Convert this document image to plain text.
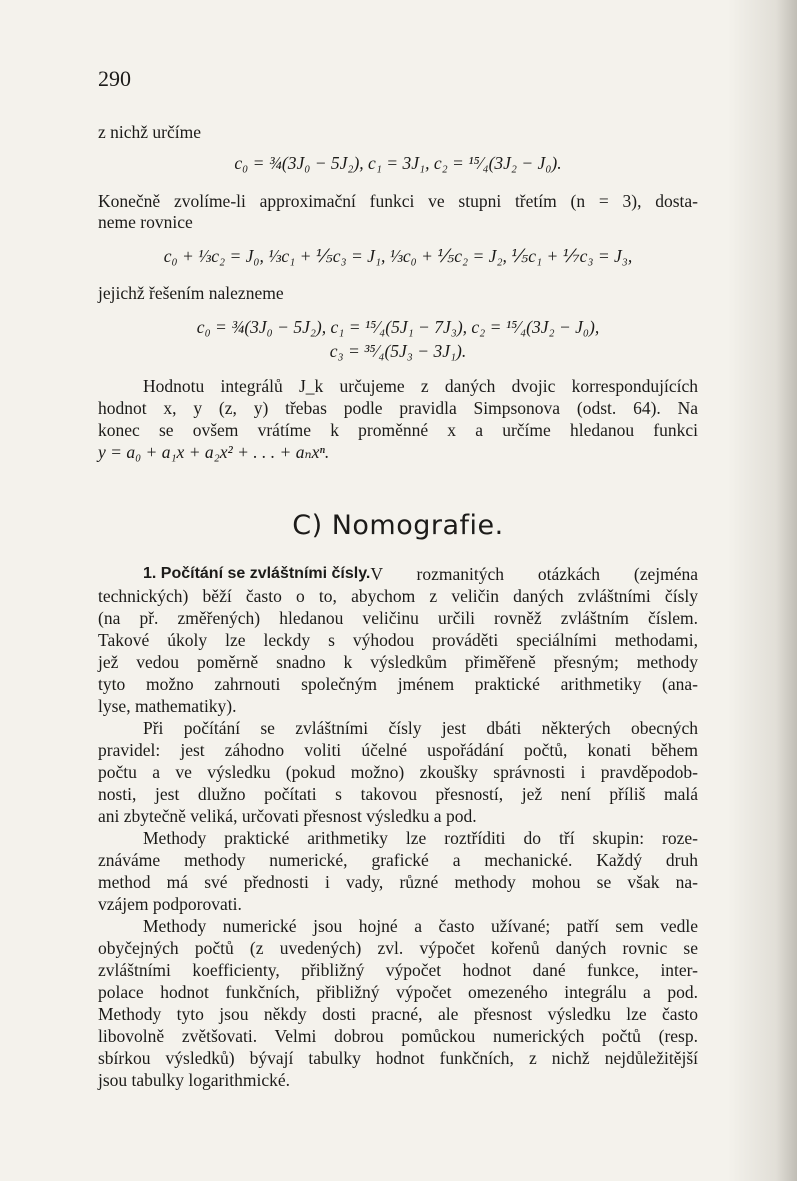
290
z nichž určíme
c₀ = ¾(3J₀ − 5J₂), c₁ = 3J₁, c₂ = ¹⁵⁄₄(3J₂ − J₀).
Konečně zvolíme-li approximační funkci ve stupni třetím (n = 3), dosta-
neme rovnice
c₀ + ⅓c₂ = J₀, ⅓c₁ + ⅕c₃ = J₁, ⅓c₀ + ⅕c₂ = J₂, ⅕c₁ + ⅐c₃ = J₃,
jejichž řešením nalezneme
c₀ = ¾(3J₀ − 5J₂), c₁ = ¹⁵⁄₄(5J₁ − 7J₃), c₂ = ¹⁵⁄₄(3J₂ − J₀),
c₃ = ³⁵⁄₄(5J₃ − 3J₁).
Hodnotu integrálů J_k určujeme z daných dvojic korrespondujících
hodnot x, y (z, y) třebas podle pravidla Simpsonova (odst. 64). Na
konec se ovšem vrátíme k proměnné x a určíme hledanou funkci
y = a₀ + a₁x + a₂x² + . . . + aₙxⁿ.
C) Nomografie.
1. Počítání se zvláštními čísly. V rozmanitých otázkách (zejména
technických) běží často o to, abychom z veličin daných zvláštními čísly
(na př. změřených) hledanou veličinu určili rovněž zvláštním číslem.
Takové úkoly lze leckdy s výhodou prováděti speciálními methodami,
jež vedou poměrně snadno k výsledkům přiměřeně přesným; methody
tyto možno zahrnouti společným jménem praktické arithmetiky (ana-
lyse, mathematiky).
Při počítání se zvláštními čísly jest dbáti některých obecných
pravidel: jest záhodno voliti účelné uspořádání počtů, konati během
počtu a ve výsledku (pokud možno) zkoušky správnosti i pravděpodob-
nosti, jest dlužno počítati s takovou přesností, jež není příliš malá
ani zbytečně veliká, určovati přesnost výsledku a pod.
Methody praktické arithmetiky lze roztříditi do tří skupin: roze-
znáváme methody numerické, grafické a mechanické. Každý druh
method má své přednosti i vady, různé methody mohou se však na-
vzájem podporovati.
Methody numerické jsou hojné a často užívané; patří sem vedle
obyčejných počtů (z uvedených) zvl. výpočet kořenů daných rovnic se
zvláštními koefficienty, přibližný výpočet hodnot dané funkce, inter-
polace hodnot funkčních, přibližný výpočet omezeného integrálu a pod.
Methody tyto jsou někdy dosti pracné, ale přesnost výsledku lze často
libovolně zvětšovati. Velmi dobrou pomůckou numerických počtů (resp.
sbírkou výsledků) bývají tabulky hodnot funkčních, z nichž nejdůležitější
jsou tabulky logarithmické.
